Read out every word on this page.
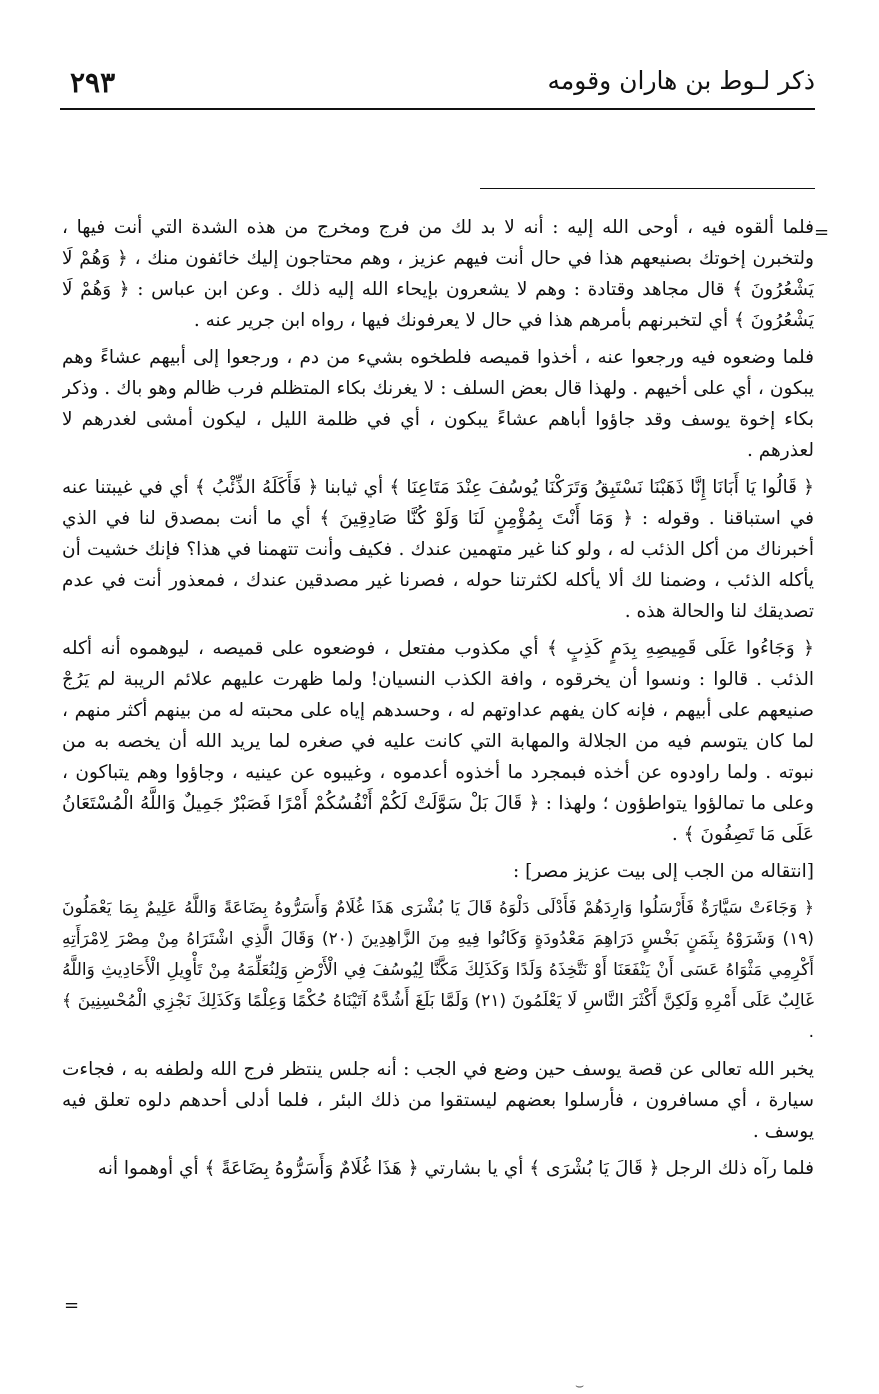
٢٩٣	ذكر لـوط بن هاران وقومه
=

فلما ألقوه فيه ، أوحى الله إليه : أنه لا بد لك من فرج ومخرج من هذه الشدة التي أنت فيها ، ولتخبرن إخوتك بصنيعهم هذا في حال أنت فيهم عزيز ، وهم محتاجون إليك خائفون منك ، ﴿ وَهُمْ لَا يَشْعُرُونَ ﴾ قال مجاهد وقتادة : وهم لا يشعرون بإيحاء الله إليه ذلك . وعن ابن عباس : ﴿ وَهُمْ لَا يَشْعُرُونَ ﴾ أي لتخبرنهم بأمرهم هذا في حال لا يعرفونك فيها ، رواه ابن جرير عنه .

فلما وضعوه فيه ورجعوا عنه ، أخذوا قميصه فلطخوه بشيء من دم ، ورجعوا إلى أبيهم عشاءً وهم يبكون ، أي على أخيهم . ولهذا قال بعض السلف : لا يغرنك بكاء المتظلم فرب ظالم وهو باك . وذكر بكاء إخوة يوسف وقد جاؤوا أباهم عشاءً يبكون ، أي في ظلمة الليل ، ليكون أمشى لغدرهم لا لعذرهم .

﴿ قَالُوا يَا أَبَانَا إِنَّا ذَهَبْنَا نَسْتَبِقُ وَتَرَكْنَا يُوسُفَ عِنْدَ مَتَاعِنَا ﴾ أي ثيابنا ﴿ فَأَكَلَهُ الذِّئْبُ ﴾ أي في غيبتنا عنه في استباقنا . وقوله : ﴿ وَمَا أَنْتَ بِمُؤْمِنٍ لَنَا وَلَوْ كُنَّا صَادِقِينَ ﴾ أي ما أنت بمصدق لنا في الذي أخبرناك من أكل الذئب له ، ولو كنا غير متهمين عندك . فكيف وأنت تتهمنا في هذا؟ فإنك خشيت أن يأكله الذئب ، وضمنا لك ألا يأكله لكثرتنا حوله ، فصرنا غير مصدقين عندك ، فمعذور أنت في عدم تصديقك لنا والحالة هذه .

﴿ وَجَاءُوا عَلَى قَمِيصِهِ بِدَمٍ كَذِبٍ ﴾ أي مكذوب مفتعل ، فوضعوه على قميصه ، ليوهموه أنه أكله الذئب . قالوا : ونسوا أن يخرقوه ، وافة الكذب النسيان! ولما ظهرت عليهم علائم الريبة لم يَرُجْ صنيعهم على أبيهم ، فإنه كان يفهم عداوتهم له ، وحسدهم إياه على محبته له من بينهم أكثر منهم ، لما كان يتوسم فيه من الجلالة والمهابة التي كانت عليه في صغره لما يريد الله أن يخصه به من نبوته . ولما راودوه عن أخذه فبمجرد ما أخذوه أعدموه ، وغيبوه عن عينيه ، وجاؤوا وهم يتباكون ، وعلى ما تمالؤوا يتواطؤون ؛ ولهذا : ﴿ قَالَ بَلْ سَوَّلَتْ لَكُمْ أَنْفُسُكُمْ أَمْرًا فَصَبْرٌ جَمِيلٌ وَاللَّهُ الْمُسْتَعَانُ عَلَى مَا تَصِفُونَ ﴾ .

[انتقاله من الجب إلى بيت عزيز مصر] :

﴿ وَجَاءَتْ سَيَّارَةٌ فَأَرْسَلُوا وَارِدَهُمْ فَأَدْلَى دَلْوَهُ قَالَ يَا بُشْرَى هَذَا غُلَامٌ وَأَسَرُّوهُ بِضَاعَةً وَاللَّهُ عَلِيمٌ بِمَا يَعْمَلُونَ (١٩) وَشَرَوْهُ بِثَمَنٍ بَخْسٍ دَرَاهِمَ مَعْدُودَةٍ وَكَانُوا فِيهِ مِنَ الزَّاهِدِينَ (٢٠) وَقَالَ الَّذِي اشْتَرَاهُ مِنْ مِصْرَ لِامْرَأَتِهِ أَكْرِمِي مَثْوَاهُ عَسَى أَنْ يَنْفَعَنَا أَوْ نَتَّخِذَهُ وَلَدًا وَكَذَلِكَ مَكَّنَّا لِيُوسُفَ فِي الْأَرْضِ وَلِنُعَلِّمَهُ مِنْ تَأْوِيلِ الْأَحَادِيثِ وَاللَّهُ غَالِبٌ عَلَى أَمْرِهِ وَلَكِنَّ أَكْثَرَ النَّاسِ لَا يَعْلَمُونَ (٢١) وَلَمَّا بَلَغَ أَشُدَّهُ آتَيْنَاهُ حُكْمًا وَعِلْمًا وَكَذَلِكَ نَجْزِي الْمُحْسِنِينَ ﴾ .

يخبر الله تعالى عن قصة يوسف حين وضع في الجب : أنه جلس ينتظر فرج الله ولطفه به ، فجاءت سيارة ، أي مسافرون ، فأرسلوا بعضهم ليستقوا من ذلك البئر ، فلما أدلى أحدهم دلوه تعلق فيه يوسف .

فلما رآه ذلك الرجل ﴿ قَالَ يَا بُشْرَى ﴾ أي يا بشارتي ﴿ هَذَا غُلَامٌ وَأَسَرُّوهُ بِضَاعَةً ﴾ أي أوهموا أنه

=
⌣
